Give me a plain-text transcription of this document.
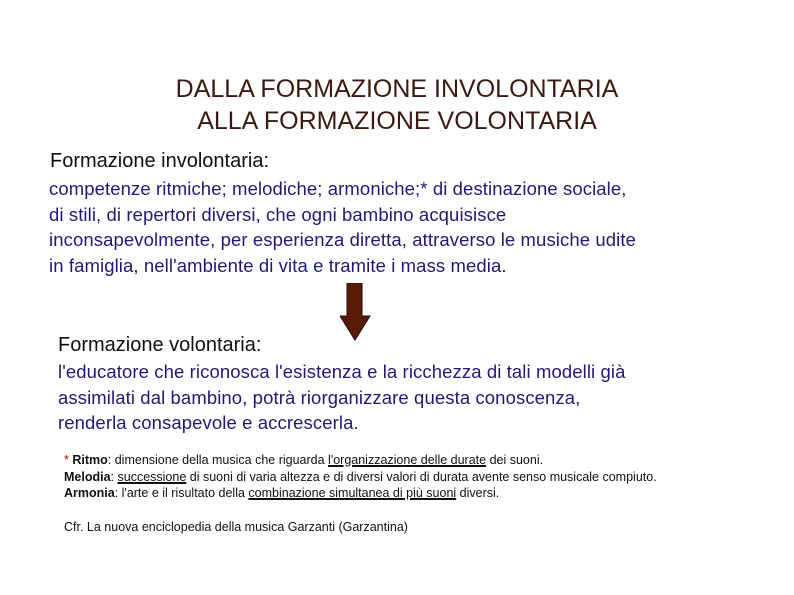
DALLA FORMAZIONE INVOLONTARIA
ALLA FORMAZIONE VOLONTARIA
Formazione involontaria:
competenze ritmiche; melodiche; armoniche;* di destinazione sociale,
di stili, di repertori diversi, che ogni bambino acquisisce
inconsapevolmente, per esperienza diretta, attraverso le musiche udite
in famiglia, nell'ambiente di vita e tramite i mass media.
Formazione volontaria:
l'educatore che riconosca l'esistenza e la ricchezza di tali modelli già
assimilati dal bambino, potrà riorganizzare questa conoscenza,
renderla consapevole e accrescerla.
* Ritmo: dimensione della musica che riguarda l'organizzazione delle durate dei suoni.
Melodia: successione di suoni di varia altezza e di diversi valori di durata avente senso musicale compiuto.
Armonia: l'arte e il risultato della combinazione simultanea di più suoni diversi.
Cfr. La nuova enciclopedia della musica Garzanti (Garzantina)
